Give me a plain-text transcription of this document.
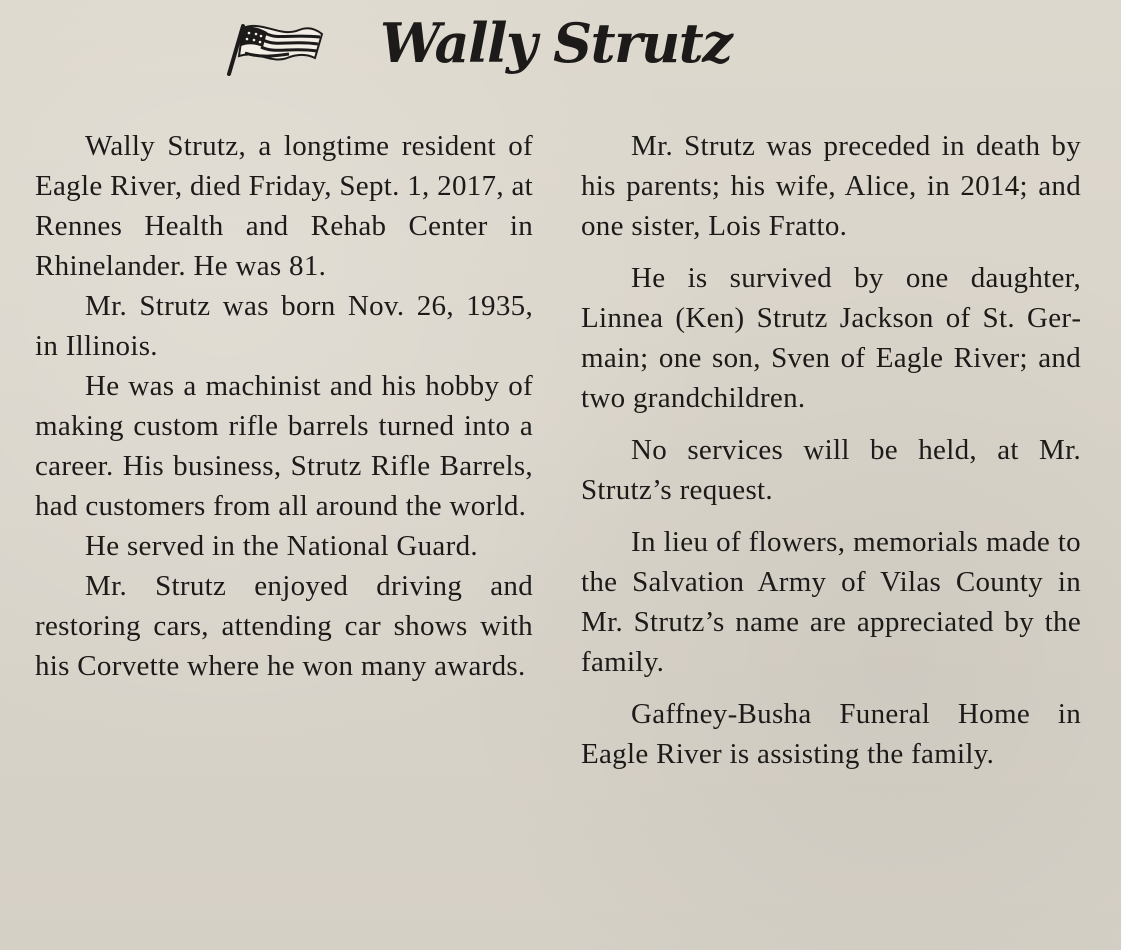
Wally Strutz

Wally Strutz, a longtime resident of Eagle River, died Friday, Sept. 1, 2017, at Rennes Health and Rehab Center in Rhinelander. He was 81.

Mr. Strutz was born Nov. 26, 1935, in Illinois.

He was a machinist and his hobby of making custom rifle barrels turned into a career. His business, Strutz Rifle Barrels, had customers from all around the world.

He served in the National Guard.

Mr. Strutz enjoyed driving and restoring cars, attending car shows with his Corvette where he won many awards.

Mr. Strutz was preceded in death by his parents; his wife, Alice, in 2014; and one sister, Lois Fratto.

He is survived by one daughter, Linnea (Ken) Strutz Jackson of St. Germain; one son, Sven of Eagle River; and two grandchildren.

No services will be held, at Mr. Strutz’s request.

In lieu of flowers, memorials made to the Salvation Army of Vilas County in Mr. Strutz’s name are appreciated by the family.

Gaffney-Busha Funeral Home in Eagle River is assisting the family.
